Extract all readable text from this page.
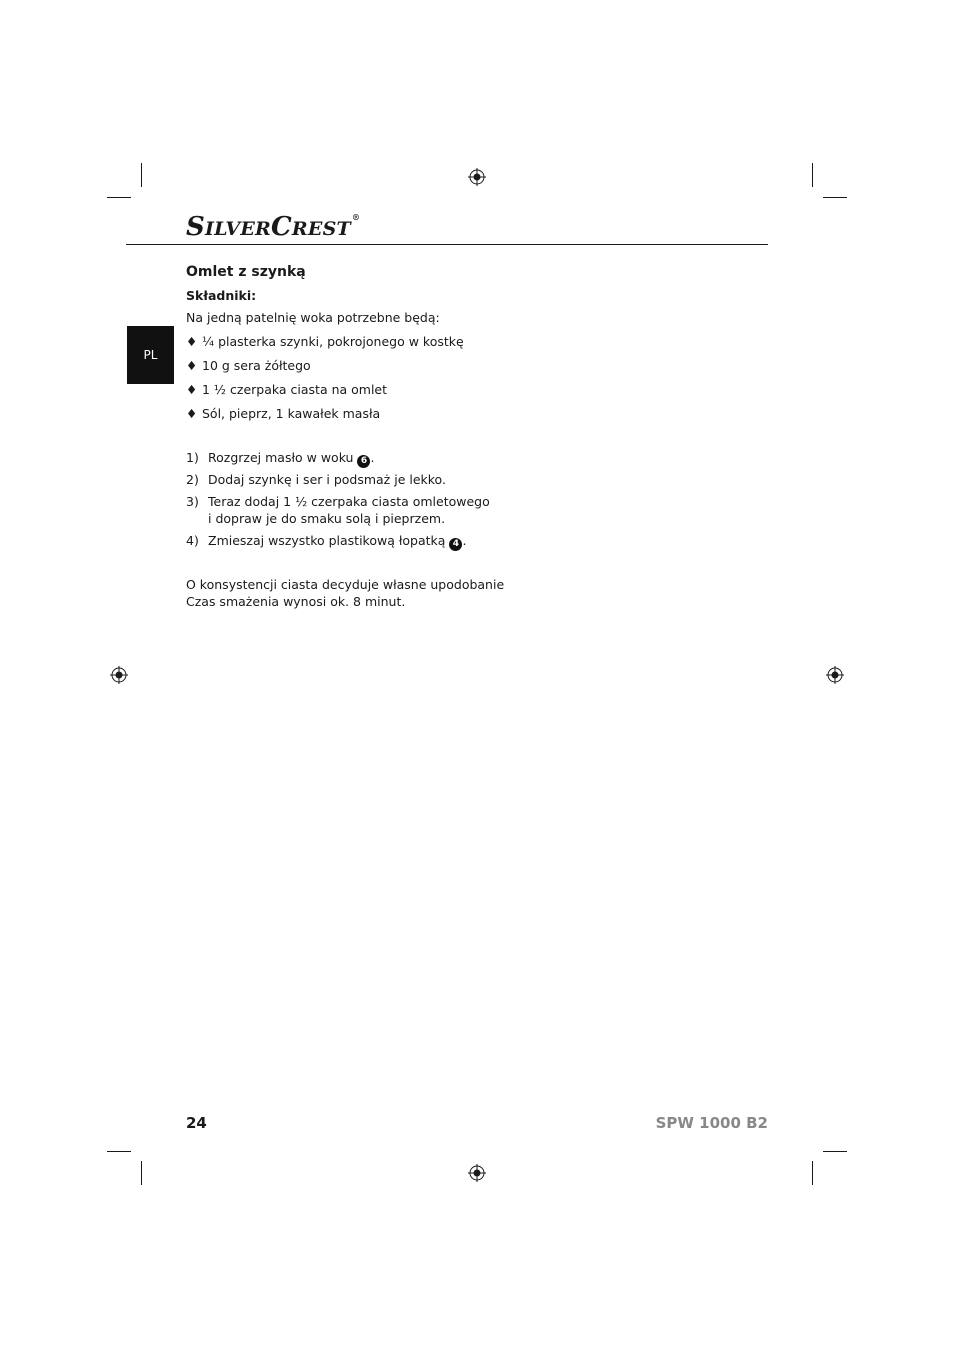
SILVERCREST®
PL
Omlet z szynką
Składniki:
Na jedną patelnię woka potrzebne będą:
♦ ¼ plasterka szynki, pokrojonego w kostkę
♦ 10 g sera żółtego
♦ 1 ½ czerpaka ciasta na omlet
♦ Sól, pieprz, 1 kawałek masła
1) Rozgrzej masło w woku 6 .
2) Dodaj szynkę i ser i podsmaż je lekko.
3) Teraz dodaj 1 ½ czerpaka ciasta omletowego
i dopraw je do smaku solą i pieprzem.
4) Zmieszaj wszystko plastikową łopatką 4 .
O konsystencji ciasta decyduje własne upodobanie
Czas smażenia wynosi ok. 8 minut.
24	SPW 1000 B2
